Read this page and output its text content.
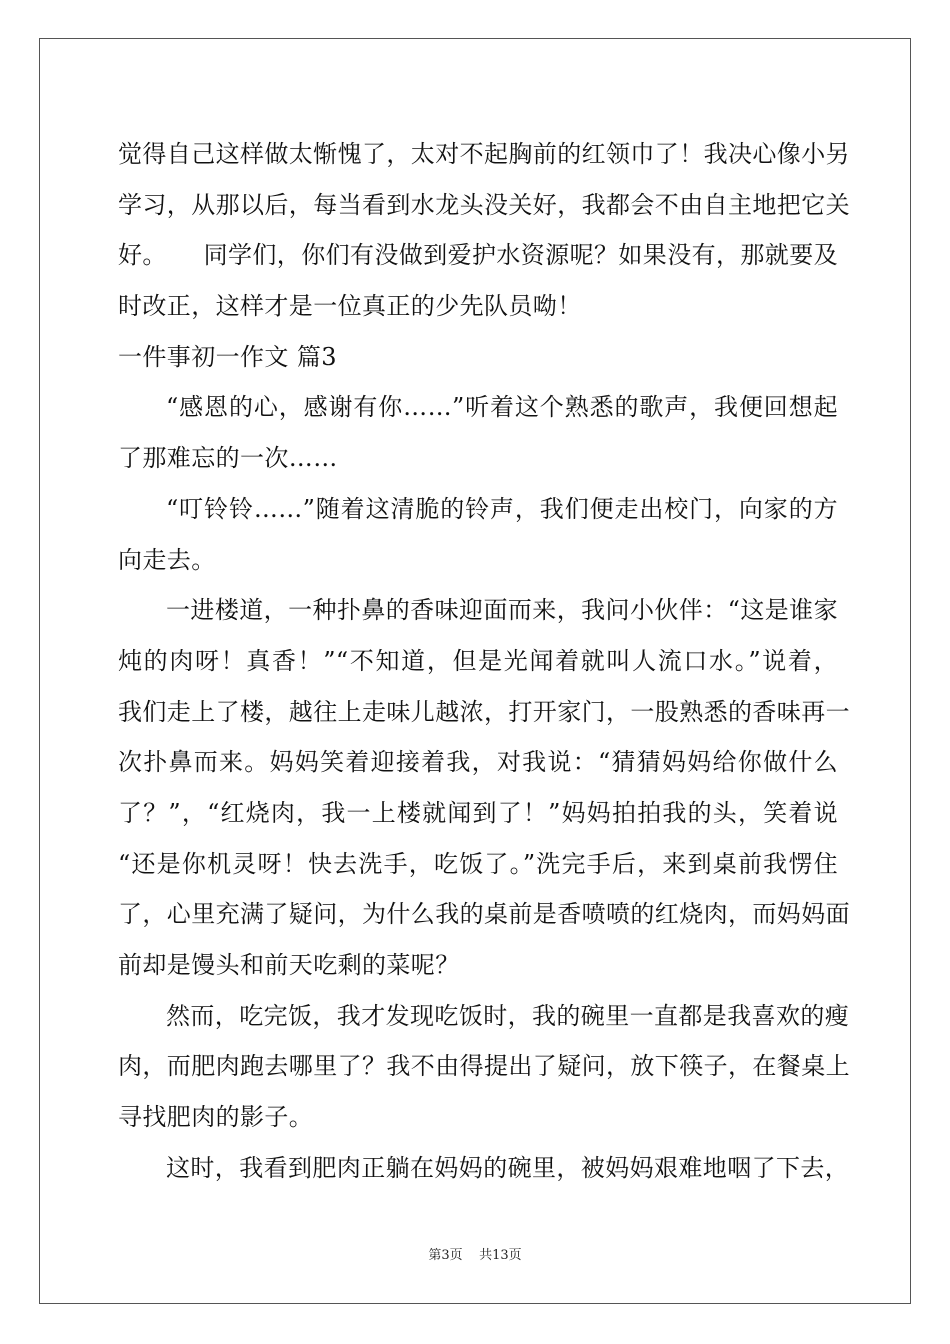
觉得自己这样做太惭愧了，太对不起胸前的红领巾了！我决心像小另
学习，从那以后，每当看到水龙头没关好，我都会不由自主地把它关
好。　　同学们，你们有没做到爱护水资源呢？如果没有，那就要及
时改正，这样才是一位真正的少先队员呦！
一件事初一作文 篇3
“感恩的心，感谢有你……”听着这个熟悉的歌声，我便回想起
了那难忘的一次……
“叮铃铃……”随着这清脆的铃声，我们便走出校门，向家的方
向走去。
一进楼道，一种扑鼻的香味迎面而来，我问小伙伴：“这是谁家
炖的肉呀！真香！”“不知道，但是光闻着就叫人流口水。”说着，
我们走上了楼，越往上走味儿越浓，打开家门，一股熟悉的香味再一
次扑鼻而来。妈妈笑着迎接着我，对我说：“猜猜妈妈给你做什么
了？”，“红烧肉，我一上楼就闻到了！”妈妈拍拍我的头，笑着说
“还是你机灵呀！快去洗手，吃饭了。”洗完手后，来到桌前我愣住
了，心里充满了疑问，为什么我的桌前是香喷喷的红烧肉，而妈妈面
前却是馒头和前天吃剩的菜呢？
然而，吃完饭，我才发现吃饭时，我的碗里一直都是我喜欢的瘦
肉，而肥肉跑去哪里了？我不由得提出了疑问，放下筷子，在餐桌上
寻找肥肉的影子。
这时，我看到肥肉正躺在妈妈的碗里，被妈妈艰难地咽了下去，
第3页 共13页
